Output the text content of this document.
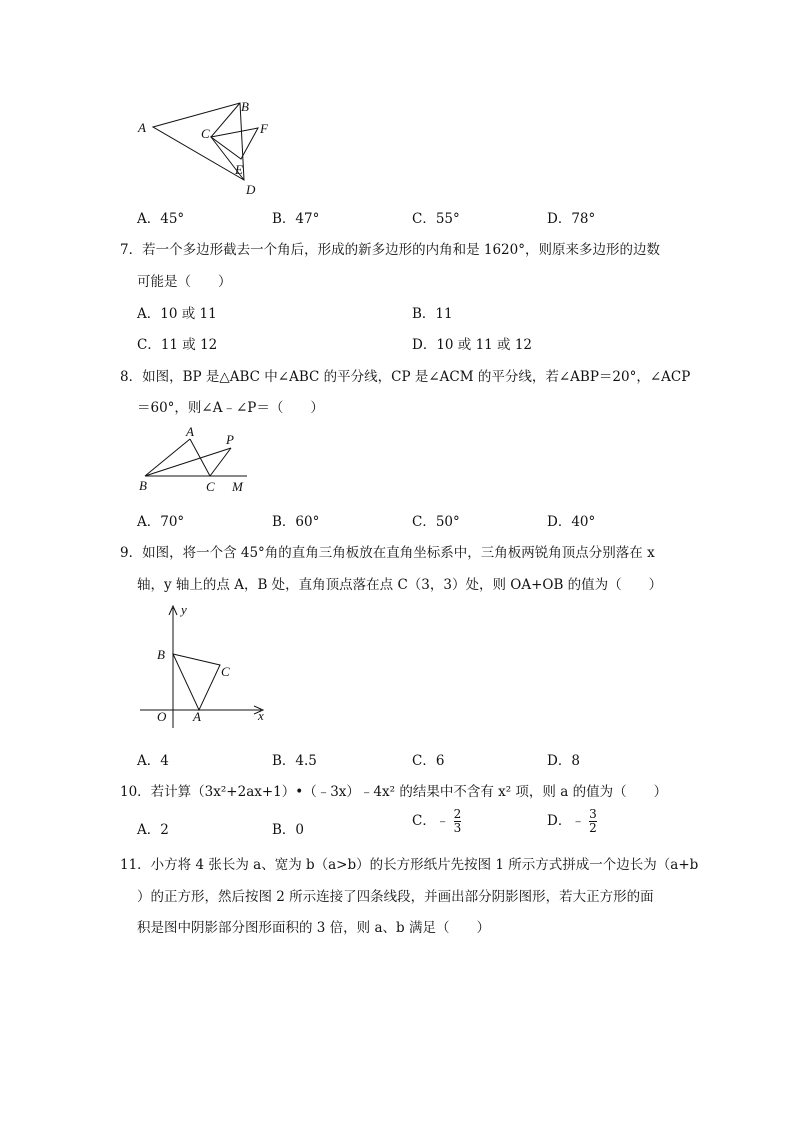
A
B
C	F
E
D
A．45°	B．47°	C．55°	D．78°
7．若一个多边形截去一个角后，形成的新多边形的内角和是 1620°，则原来多边形的边数
可能是（　　）
A．10 或 11	B．11
C．11 或 12	D．10 或 11 或 12
8．如图，BP 是△ABC 中∠ABC 的平分线，CP 是∠ACM 的平分线，若∠ABP＝20°，∠ACP
＝60°，则∠A﹣∠P＝（　　）
A
P
B	C M
A．70°	B．60°	C．50°	D．40°
9．如图，将一个含 45°角的直角三角板放在直角坐标系中，三角板两锐角顶点分别落在 x
轴，y 轴上的点 A，B 处，直角顶点落在点 C（3，3）处，则 OA+OB 的值为（　　）
y
B
C
O A	x
A．4	B．4.5	C．6	D．8
10．若计算（3x²+2ax+1）•（﹣3x）﹣4x² 的结果中不含有 x² 项，则 a 的值为（　　）
A．2	B．0
C．﹣ $\frac{2}{3}$	D．﹣ $\frac{3}{2}$
11．小方将 4 张长为 a、宽为 b（a>b）的长方形纸片先按图 1 所示方式拼成一个边长为（a+b
）的正方形，然后按图 2 所示连接了四条线段，并画出部分阴影图形，若大正方形的面
积是图中阴影部分图形面积的 3 倍，则 a、b 满足（　　）
